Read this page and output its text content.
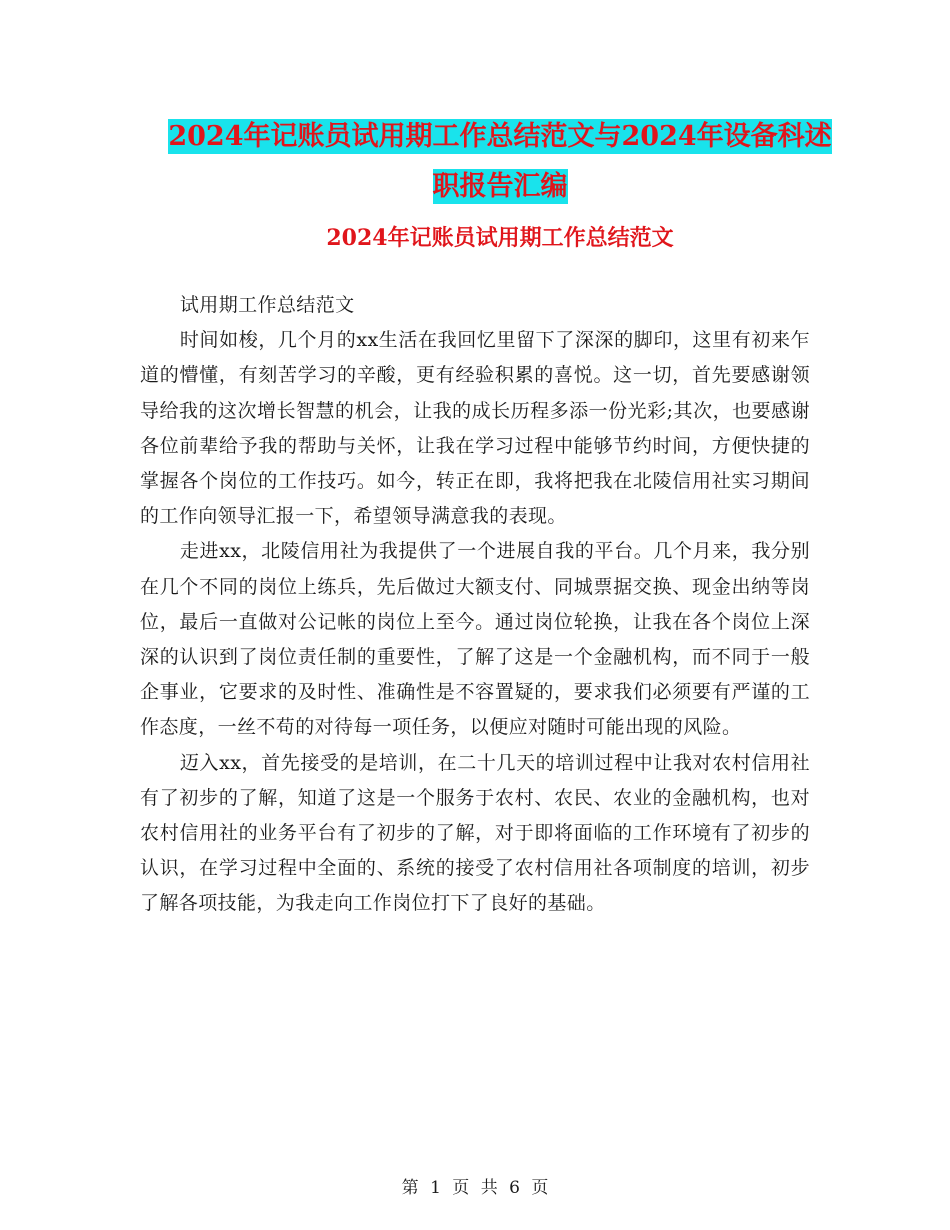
2024年记账员试用期工作总结范文与2024年设备科述
职报告汇编
2024年记账员试用期工作总结范文

试用期工作总结范文

时间如梭，几个月的xx生活在我回忆里留下了深深的脚印，这里有初来乍道的懵懂，有刻苦学习的辛酸，更有经验积累的喜悦。这一切，首先要感谢领导给我的这次增长智慧的机会，让我的成长历程多添一份光彩;其次，也要感谢各位前辈给予我的帮助与关怀，让我在学习过程中能够节约时间，方便快捷的掌握各个岗位的工作技巧。如今，转正在即，我将把我在北陵信用社实习期间的工作向领导汇报一下，希望领导满意我的表现。

走进xx，北陵信用社为我提供了一个进展自我的平台。几个月来，我分别在几个不同的岗位上练兵，先后做过大额支付、同城票据交换、现金出纳等岗位，最后一直做对公记帐的岗位上至今。通过岗位轮换，让我在各个岗位上深深的认识到了岗位责任制的重要性，了解了这是一个金融机构，而不同于一般企事业，它要求的及时性、准确性是不容置疑的，要求我们必须要有严谨的工作态度，一丝不苟的对待每一项任务，以便应对随时可能出现的风险。

迈入xx，首先接受的是培训，在二十几天的培训过程中让我对农村信用社有了初步的了解，知道了这是一个服务于农村、农民、农业的金融机构，也对农村信用社的业务平台有了初步的了解，对于即将面临的工作环境有了初步的认识，在学习过程中全面的、系统的接受了农村信用社各项制度的培训，初步了解各项技能，为我走向工作岗位打下了良好的基础。

第 1 页 共 6 页
